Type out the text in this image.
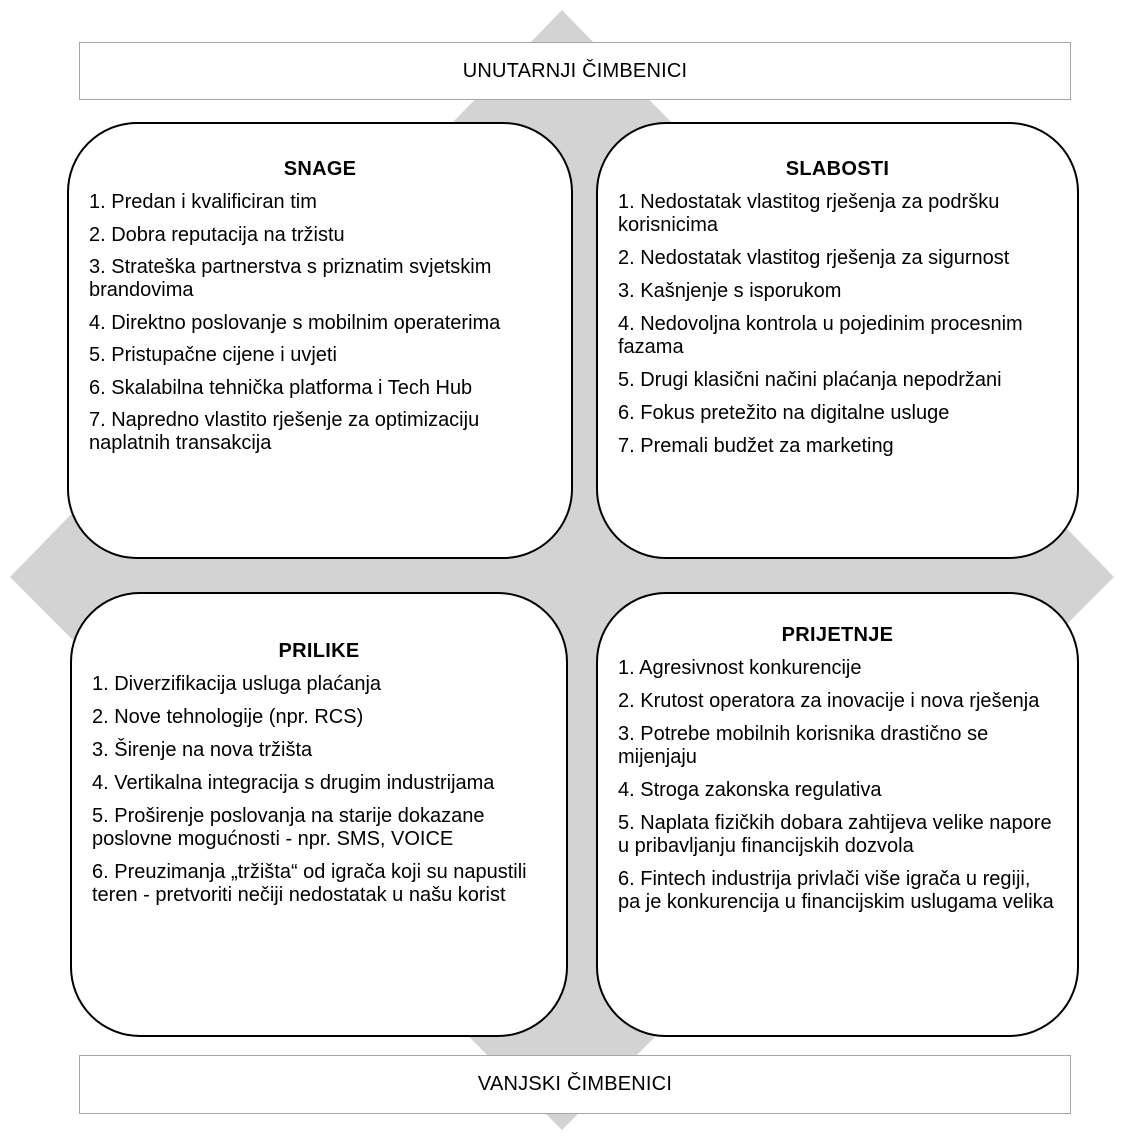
UNUTARNJI ČIMBENICI
SNAGE
1. Predan i kvalificiran tim
2. Dobra reputacija na tržistu
3. Strateška partnerstva s priznatim svjetskim brandovima
4. Direktno poslovanje s mobilnim operaterima
5. Pristupačne cijene i uvjeti
6. Skalabilna tehnička platforma i Tech Hub
7. Napredno vlastito rješenje za optimizaciju naplatnih transakcija
SLABOSTI
1. Nedostatak vlastitog rješenja za podršku korisnicima
2. Nedostatak vlastitog rješenja za sigurnost
3. Kašnjenje s isporukom
4. Nedovoljna kontrola u pojedinim procesnim fazama
5. Drugi klasični načini plaćanja nepodržani
6. Fokus pretežito na digitalne usluge
7. Premali budžet za marketing
PRILIKE
1. Diverzifikacija usluga plaćanja
2. Nove tehnologije (npr. RCS)
3. Širenje na nova tržišta
4. Vertikalna integracija s drugim industrijama
5. Proširenje poslovanja na starije dokazane poslovne mogućnosti - npr. SMS, VOICE
6. Preuzimanja „tržišta“ od igrača koji su napustili teren - pretvoriti nečiji nedostatak u našu korist
PRIJETNJE
1. Agresivnost konkurencije
2. Krutost operatora za inovacije i nova rješenja
3. Potrebe mobilnih korisnika drastično se mijenjaju
4. Stroga zakonska regulativa
5. Naplata fizičkih dobara zahtijeva velike napore u pribavljanju financijskih dozvola
6. Fintech industrija privlači više igrača u regiji, pa je konkurencija u financijskim uslugama velika
VANJSKI ČIMBENICI
